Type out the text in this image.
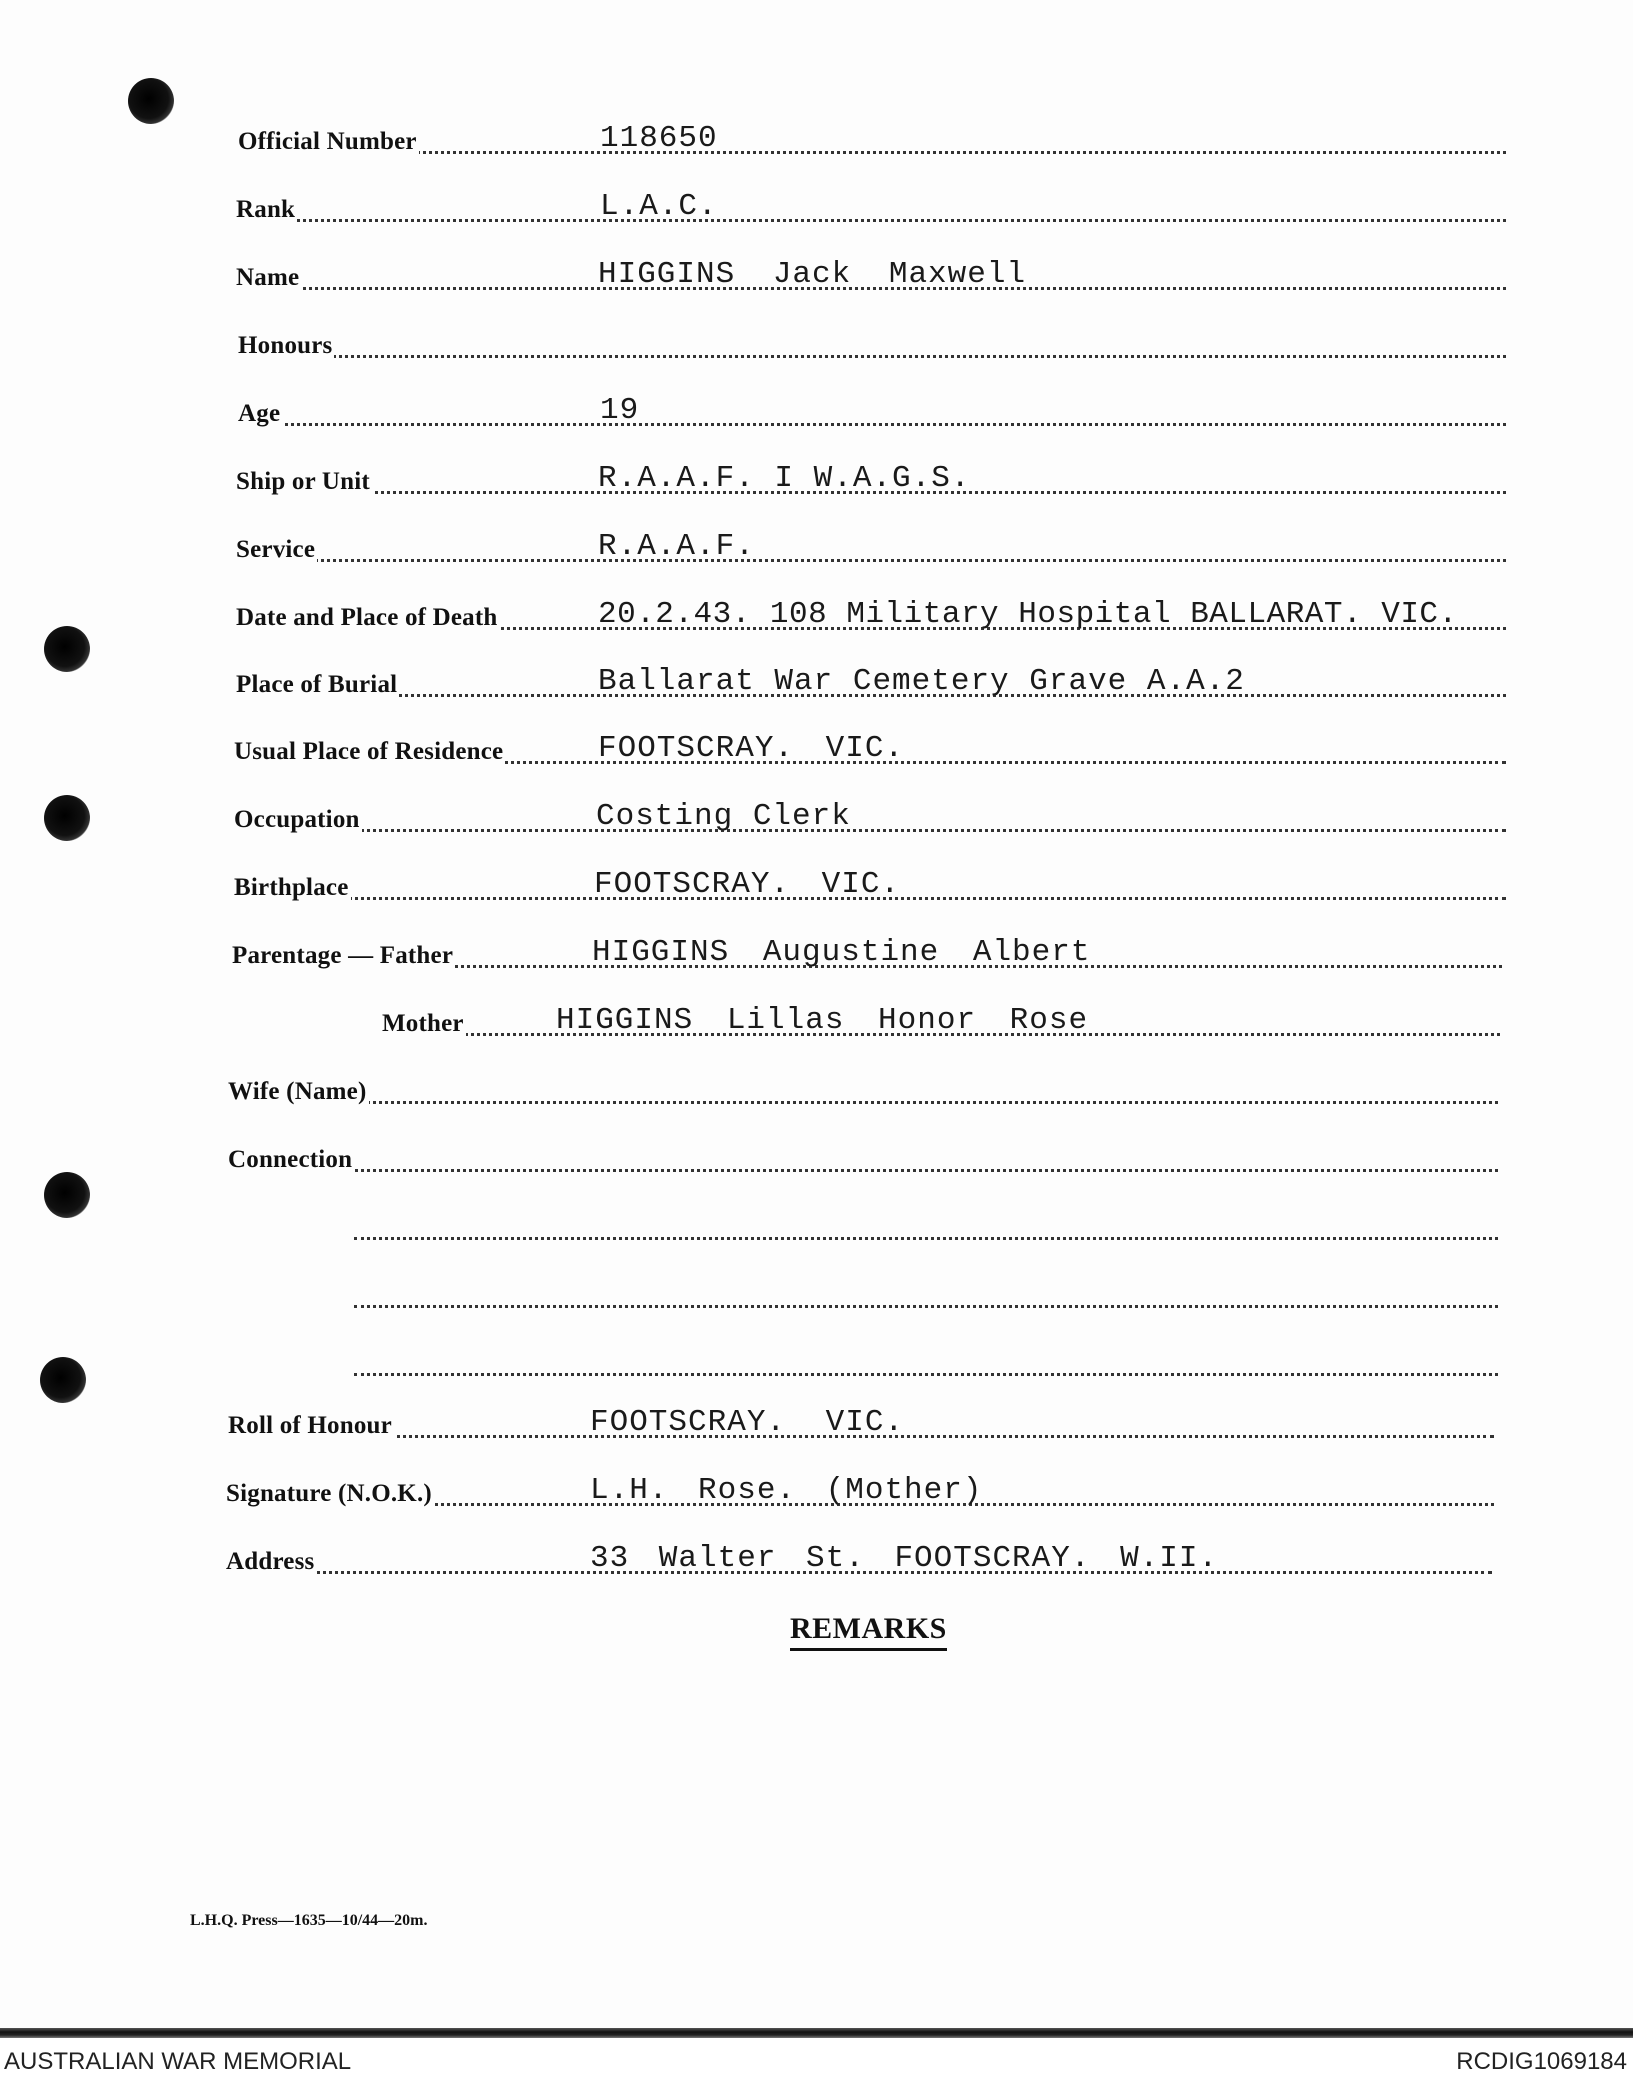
Official Number	118650
Rank	L.A.C.
Name	HIGGINS Jack Maxwell
Honours
Age	19
Ship or Unit	R.A.A.F. I W.A.G.S.
Service	R.A.A.F.
Date and Place of Death	20.2.43. 108 Military Hospital BALLARAT. VIC.
Place of Burial	Ballarat War Cemetery Grave A.A.2
Usual Place of Residence	FOOTSCRAY. VIC.
Occupation	Costing Clerk
Birthplace	FOOTSCRAY. VIC.
Parentage — Father	HIGGINS Augustine Albert
Mother	HIGGINS Lillas Honor Rose
Wife (Name)
Connection
Roll of Honour	FOOTSCRAY. VIC.
Signature (N.O.K.)	L.H. Rose. (Mother)
Address	33 Walter St. FOOTSCRAY. W.II.
REMARKS
L.H.Q. Press—1635—10/44—20m.
AUSTRALIAN WAR MEMORIAL	RCDIG1069184
